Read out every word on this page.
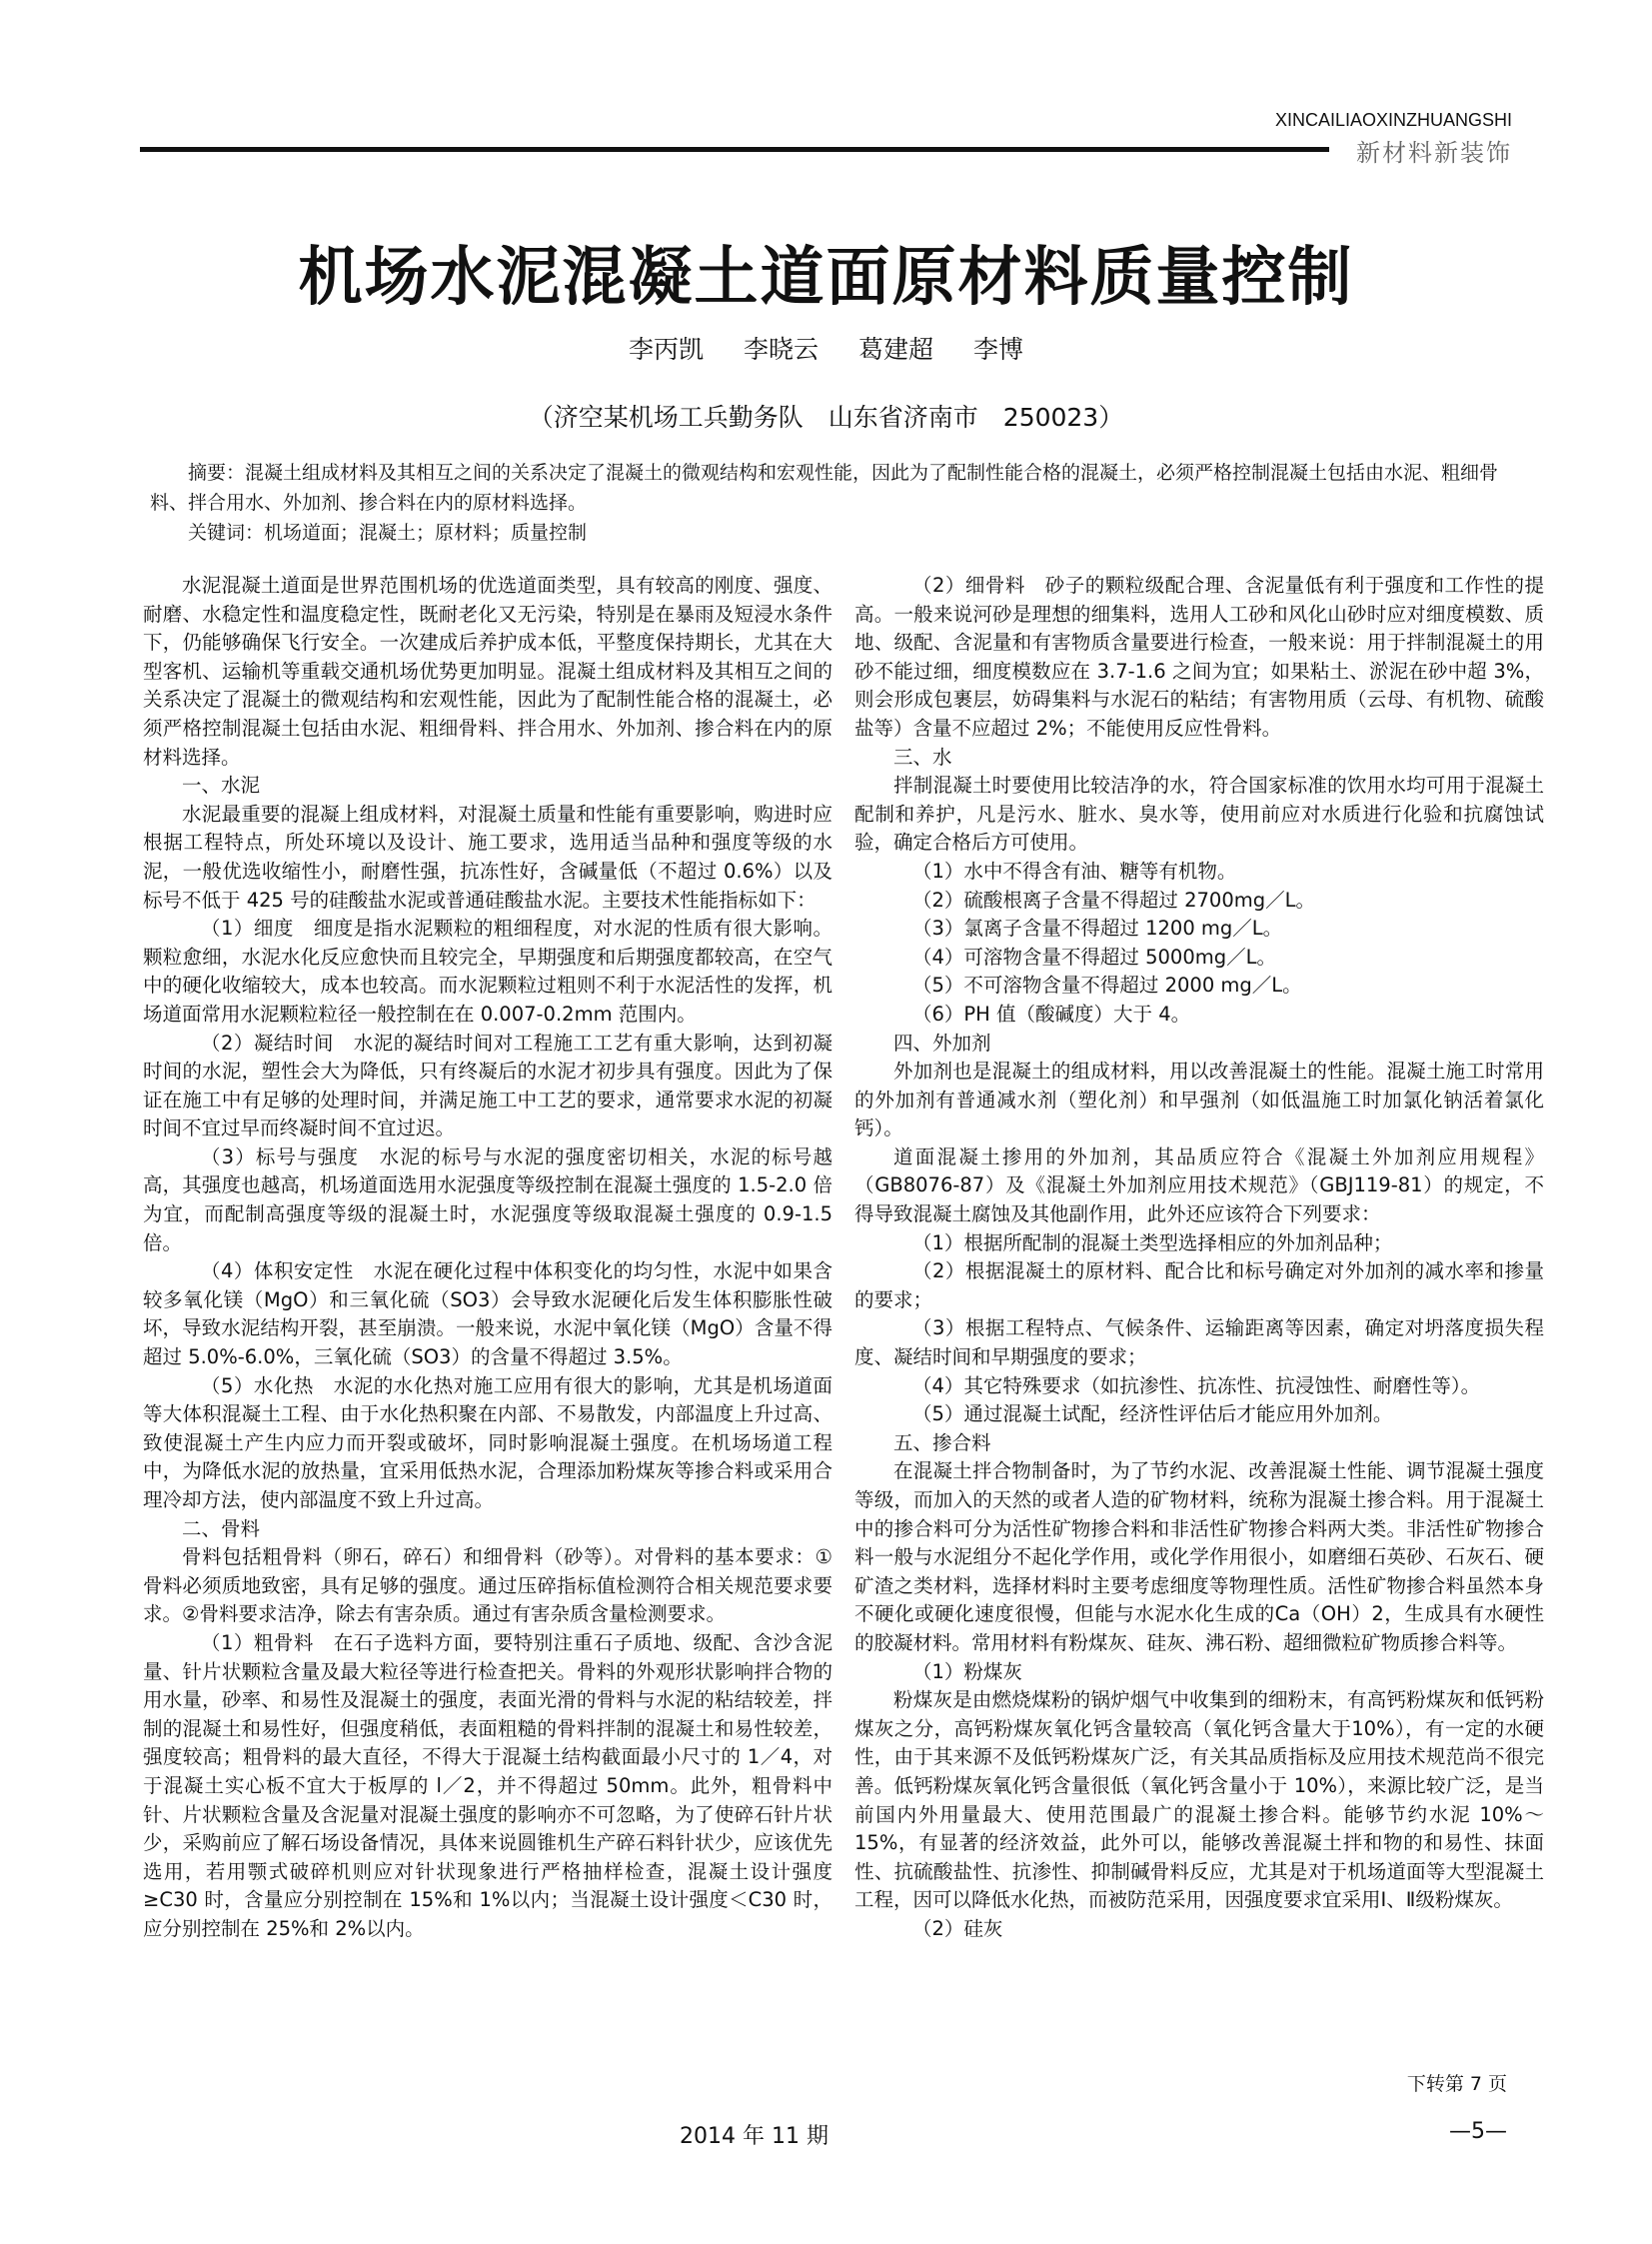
XINCAILIAOXINZHUANGSHI
新材料新装饰
机场水泥混凝土道面原材料质量控制
李丙凯 李晓云 葛建超 李博
（济空某机场工兵勤务队　山东省济南市　250023）

摘要：混凝土组成材料及其相互之间的关系决定了混凝土的微观结构和宏观性能，因此为了配制性能合格的混凝土，必须严格控制混凝土包括由水泥、粗细骨料、拌合用水、外加剂、掺合料在内的原材料选择。

关键词：机场道面；混凝土；原材料；质量控制

水泥混凝土道面是世界范围机场的优选道面类型，具有较高的刚度、强度、耐磨、水稳定性和温度稳定性，既耐老化又无污染，特别是在暴雨及短浸水条件下，仍能够确保飞行安全。一次建成后养护成本低，平整度保持期长，尤其在大型客机、运输机等重载交通机场优势更加明显。混凝土组成材料及其相互之间的关系决定了混凝土的微观结构和宏观性能，因此为了配制性能合格的混凝土，必须严格控制混凝土包括由水泥、粗细骨料、拌合用水、外加剂、掺合料在内的原材料选择。

一、水泥

水泥最重要的混凝上组成材料，对混凝土质量和性能有重要影响，购进时应根据工程特点，所处环境以及设计、施工要求，选用适当品种和强度等级的水泥，一般优选收缩性小，耐磨性强，抗冻性好，含碱量低（不超过 0.6%）以及标号不低于 425 号的硅酸盐水泥或普通硅酸盐水泥。主要技术性能指标如下：

（1）细度　细度是指水泥颗粒的粗细程度，对水泥的性质有很大影响。颗粒愈细，水泥水化反应愈快而且较完全，早期强度和后期强度都较高，在空气中的硬化收缩较大，成本也较高。而水泥颗粒过粗则不利于水泥活性的发挥，机场道面常用水泥颗粒粒径一般控制在在 0.007-0.2mm 范围内。

（2）凝结时间　水泥的凝结时间对工程施工工艺有重大影响，达到初凝时间的水泥，塑性会大为降低，只有终凝后的水泥才初步具有强度。因此为了保证在施工中有足够的处理时间，并满足施工中工艺的要求，通常要求水泥的初凝时间不宜过早而终凝时间不宜过迟。

（3）标号与强度　水泥的标号与水泥的强度密切相关，水泥的标号越高，其强度也越高，机场道面选用水泥强度等级控制在混凝土强度的 1.5-2.0 倍为宜，而配制高强度等级的混凝土时，水泥强度等级取混凝土强度的 0.9-1.5 倍。

（4）体积安定性　水泥在硬化过程中体积变化的均匀性，水泥中如果含较多氧化镁（MgO）和三氧化硫（SO3）会导致水泥硬化后发生体积膨胀性破坏，导致水泥结构开裂，甚至崩溃。一般来说，水泥中氧化镁（MgO）含量不得超过 5.0%-6.0%，三氧化硫（SO3）的含量不得超过 3.5%。

（5）水化热　水泥的水化热对施工应用有很大的影响，尤其是机场道面等大体积混凝土工程、由于水化热积聚在内部、不易散发，内部温度上升过高、致使混凝土产生内应力而开裂或破坏，同时影响混凝土强度。在机场场道工程中，为降低水泥的放热量，宜采用低热水泥，合理添加粉煤灰等掺合料或采用合理冷却方法，使内部温度不致上升过高。

二、骨料

骨料包括粗骨料（卵石，碎石）和细骨料（砂等）。对骨料的基本要求：①骨料必须质地致密，具有足够的强度。通过压碎指标值检测符合相关规范要求要求。②骨料要求洁净，除去有害杂质。通过有害杂质含量检测要求。

（1）粗骨料　在石子选料方面，要特别注重石子质地、级配、含沙含泥量、针片状颗粒含量及最大粒径等进行检查把关。骨料的外观形状影响拌合物的用水量，砂率、和易性及混凝土的强度，表面光滑的骨料与水泥的粘结较差，拌制的混凝土和易性好，但强度稍低，表面粗糙的骨料拌制的混凝土和易性较差，强度较高；粗骨料的最大直径，不得大于混凝土结构截面最小尺寸的 1／4，对于混凝土实心板不宜大于板厚的 l／2，并不得超过 50mm。此外，粗骨料中针、片状颗粒含量及含泥量对混凝土强度的影响亦不可忽略，为了使碎石针片状少，采购前应了解石场设备情况，具体来说圆锥机生产碎石料针状少，应该优先选用，若用颚式破碎机则应对针状现象进行严格抽样检查，混凝土设计强度≥C30 时，含量应分别控制在 15%和 1%以内；当混凝土设计强度＜C30 时，应分别控制在 25%和 2%以内。

（2）细骨料　砂子的颗粒级配合理、含泥量低有利于强度和工作性的提高。一般来说河砂是理想的细集料，选用人工砂和风化山砂时应对细度模数、质地、级配、含泥量和有害物质含量要进行检查，一般来说：用于拌制混凝土的用砂不能过细，细度模数应在 3.7-1.6 之间为宜；如果粘土、淤泥在砂中超 3%，则会形成包裹层，妨碍集料与水泥石的粘结；有害物用质（云母、有机物、硫酸盐等）含量不应超过 2%；不能使用反应性骨料。

三、水

拌制混凝土时要使用比较洁净的水，符合国家标准的饮用水均可用于混凝土配制和养护，凡是污水、脏水、臭水等，使用前应对水质进行化验和抗腐蚀试验，确定合格后方可使用。

（1）水中不得含有油、糖等有机物。

（2）硫酸根离子含量不得超过 2700mg／L。

（3）氯离子含量不得超过 1200 mg／L。

（4）可溶物含量不得超过 5000mg／L。

（5）不可溶物含量不得超过 2000 mg／L。

（6）PH 值（酸碱度）大于 4。

四、外加剂

外加剂也是混凝土的组成材料，用以改善混凝土的性能。混凝土施工时常用的外加剂有普通减水剂（塑化剂）和早强剂（如低温施工时加氯化钠活着氯化钙）。

道面混凝土掺用的外加剂，其品质应符合《混凝土外加剂应用规程》（GB8076-87）及《混凝土外加剂应用技术规范》（GBJ119-81）的规定，不得导致混凝土腐蚀及其他副作用，此外还应该符合下列要求：

（1）根据所配制的混凝土类型选择相应的外加剂品种；

（2）根据混凝土的原材料、配合比和标号确定对外加剂的减水率和掺量的要求；

（3）根据工程特点、气候条件、运输距离等因素，确定对坍落度损失程度、凝结时间和早期强度的要求；

（4）其它特殊要求（如抗渗性、抗冻性、抗浸蚀性、耐磨性等）。

（5）通过混凝土试配，经济性评估后才能应用外加剂。

五、掺合料

在混凝土拌合物制备时，为了节约水泥、改善混凝土性能、调节混凝土强度等级，而加入的天然的或者人造的矿物材料，统称为混凝土掺合料。用于混凝土中的掺合料可分为活性矿物掺合料和非活性矿物掺合料两大类。非活性矿物掺合料一般与水泥组分不起化学作用，或化学作用很小，如磨细石英砂、石灰石、硬矿渣之类材料，选择材料时主要考虑细度等物理性质。活性矿物掺合料虽然本身不硬化或硬化速度很慢，但能与水泥水化生成的Ca（OH）2，生成具有水硬性的胶凝材料。常用材料有粉煤灰、硅灰、沸石粉、超细微粒矿物质掺合料等。

（1）粉煤灰

粉煤灰是由燃烧煤粉的锅炉烟气中收集到的细粉末，有高钙粉煤灰和低钙粉煤灰之分，高钙粉煤灰氧化钙含量较高（氧化钙含量大于10%），有一定的水硬性，由于其来源不及低钙粉煤灰广泛，有关其品质指标及应用技术规范尚不很完善。低钙粉煤灰氧化钙含量很低（氧化钙含量小于 10%），来源比较广泛，是当前国内外用量最大、使用范围最广的混凝土掺合料。能够节约水泥 10%～15%，有显著的经济效益，此外可以，能够改善混凝土拌和物的和易性、抹面性、抗硫酸盐性、抗渗性、抑制碱骨料反应，尤其是对于机场道面等大型混凝土工程，因可以降低水化热，而被防范采用，因强度要求宜采用Ⅰ、Ⅱ级粉煤灰。

（2）硅灰

下转第 7 页
2014 年 11 期	—5—
